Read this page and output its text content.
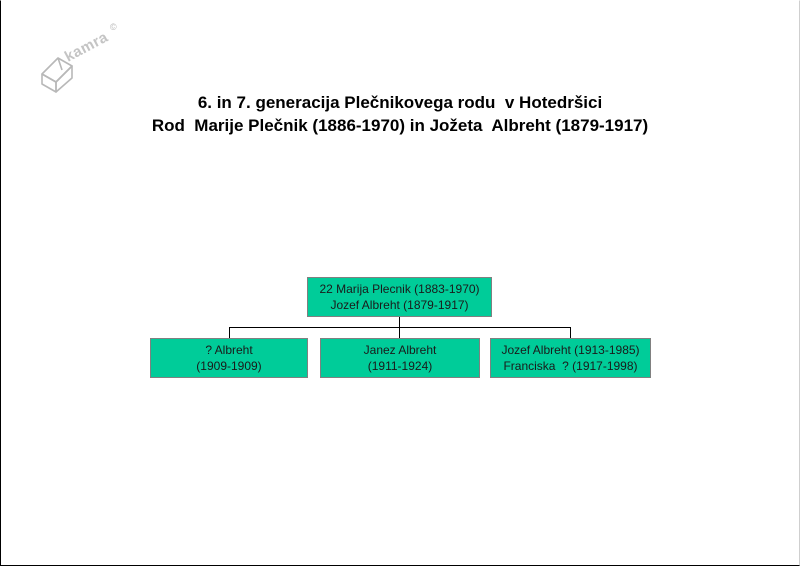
kamra
©
6. in 7. generacija Plečnikovega rodu  v Hotedršici
Rod  Marije Plečnik (1886-1970) in Jožeta  Albreht (1879-1917)
22 Marija Plecnik (1883-1970)
Jozef Albreht (1879-1917)
? Albreht
(1909-1909)
Janez Albreht
(1911-1924)
Jozef Albreht (1913-1985)
Franciska  ? (1917-1998)
